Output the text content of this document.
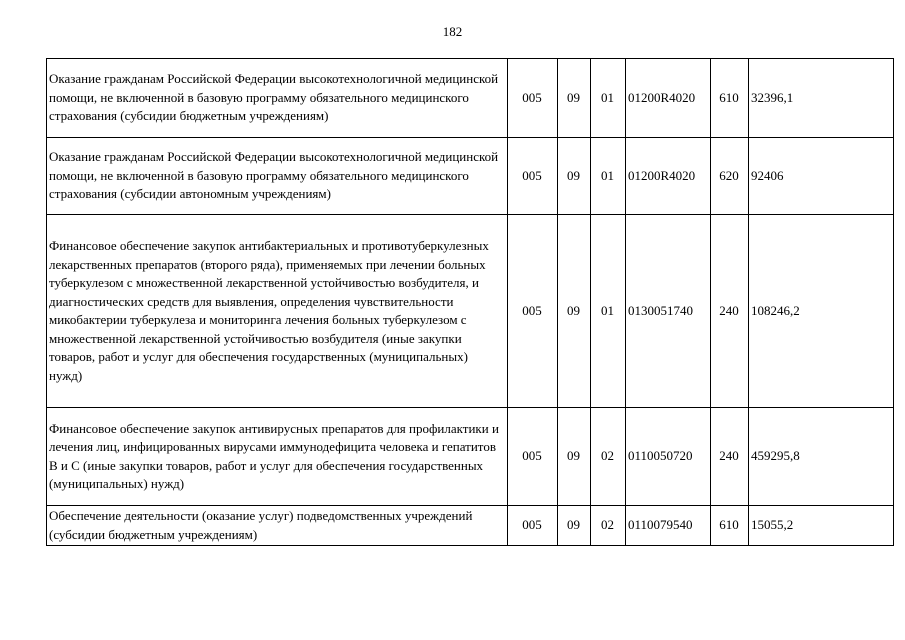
182
Оказание гражданам Российской Федерации высокотехнологичной медицинской помощи, не включенной в базовую программу обязательного медицинского страхования (субсидии бюджетным учреждениям)	005	09	01	01200R4020	610	32396,1
Оказание гражданам Российской Федерации высокотехнологичной медицинской помощи, не включенной в базовую программу обязательного медицинского страхования (субсидии автономным учреждениям)	005	09	01	01200R4020	620	92406
Финансовое обеспечение закупок антибактериальных и противотуберкулезных лекарственных препаратов (второго ряда), применяемых при лечении больных туберкулезом с множественной лекарственной устойчивостью возбудителя, и диагностических средств для выявления, определения чувствительности микобактерии туберкулеза и мониторинга лечения больных туберкулезом с множественной лекарственной устойчивостью возбудителя (иные закупки товаров, работ и услуг для обеспечения государственных (муниципальных) нужд)	005	09	01	0130051740	240	108246,2
Финансовое обеспечение закупок антивирусных препаратов для профилактики и лечения лиц, инфицированных вирусами иммунодефицита человека и гепатитов В и С (иные закупки товаров, работ и услуг для обеспечения государственных (муниципальных) нужд)	005	09	02	0110050720	240	459295,8
Обеспечение деятельности (оказание услуг) подведомственных учреждений (субсидии бюджетным учреждениям)	005	09	02	0110079540	610	15055,2
